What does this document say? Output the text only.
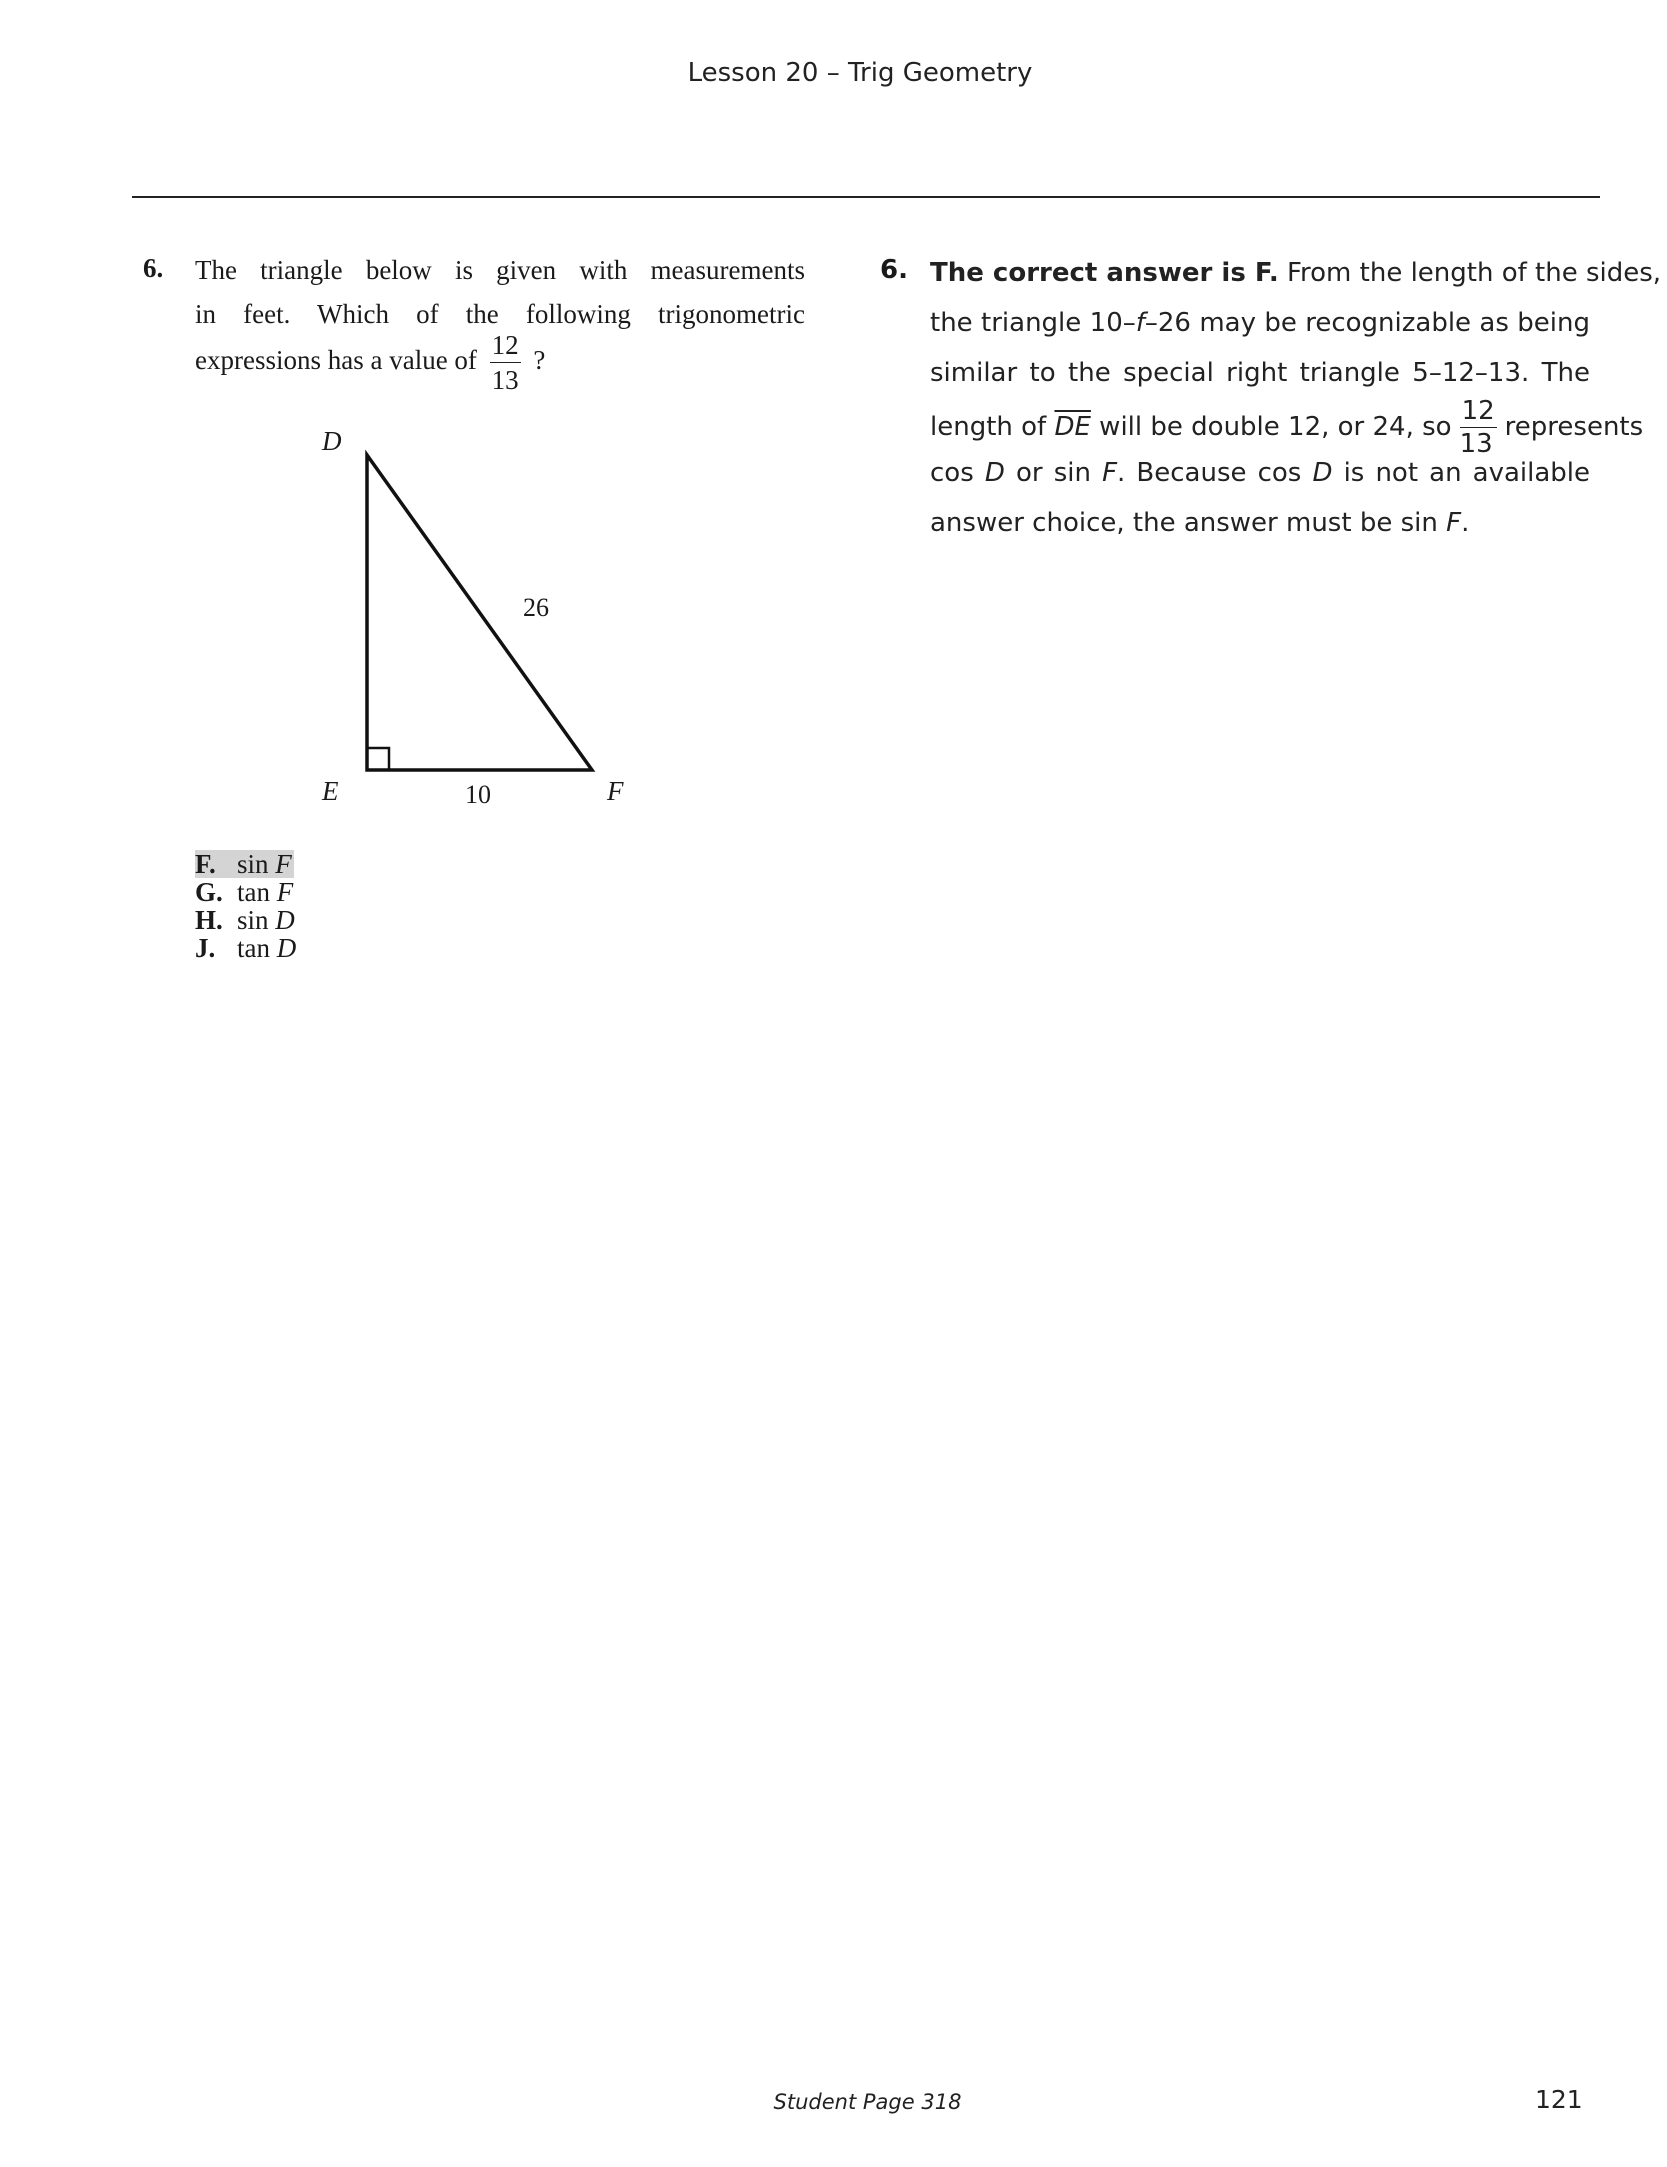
Lesson 20 – Trig Geometry
6. The triangle below is given with measurements
in feet. Which of the following trigonometric
expressions has a value of $\frac{12}{13}$ ?
D
E	F
26
10
F. sin F
G. tan F
H. sin D
J. tan D
6. The correct answer is F. From the length of the sides,
the triangle 10–f–26 may be recognizable as being
similar to the special right triangle 5–12–13. The
length of $\overline{DE}$ will be double 12, or 24, so $\frac{12}{13}$ represents
cos D or sin F. Because cos D is not an available
answer choice, the answer must be sin F.
Student Page 318	121
